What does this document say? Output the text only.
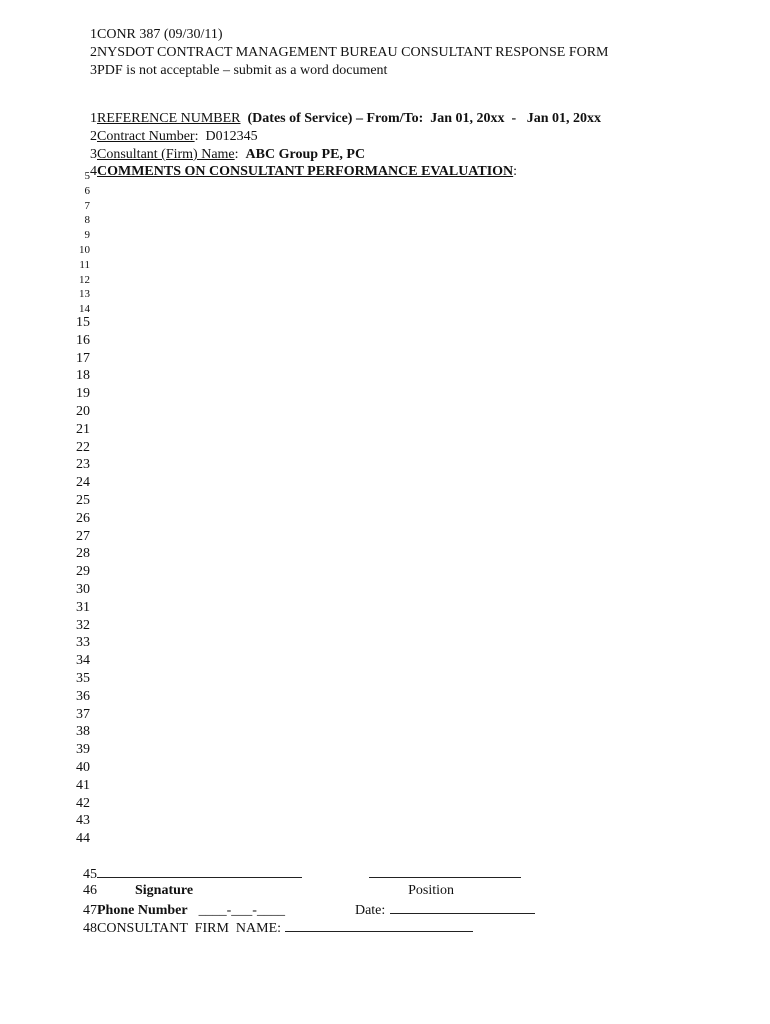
1CONR 387 (09/30/11)

2NYSDOT CONTRACT MANAGEMENT BUREAU CONSULTANT RESPONSE FORM

3PDF is not acceptable – submit as a word document

1REFERENCE NUMBER (Dates of Service) – From/To: Jan 01, 20xx - Jan 01, 20xx

2Contract Number: D012345

3Consultant (Firm) Name: ABC Group PE, PC

4COMMENTS ON CONSULTANT PERFORMANCE EVALUATION:

5
6
7
8
9
10
11
12
13
14
15
16
17
18
19
20
21
22
23
24
25
26
27
28
29
30
31
32
33
34
35
36
37
38
39
40
41
42
43
44

45

46	Signature	Position

47Phone Number ____-___-____	Date:

48CONSULTANT  FIRM  NAME:
